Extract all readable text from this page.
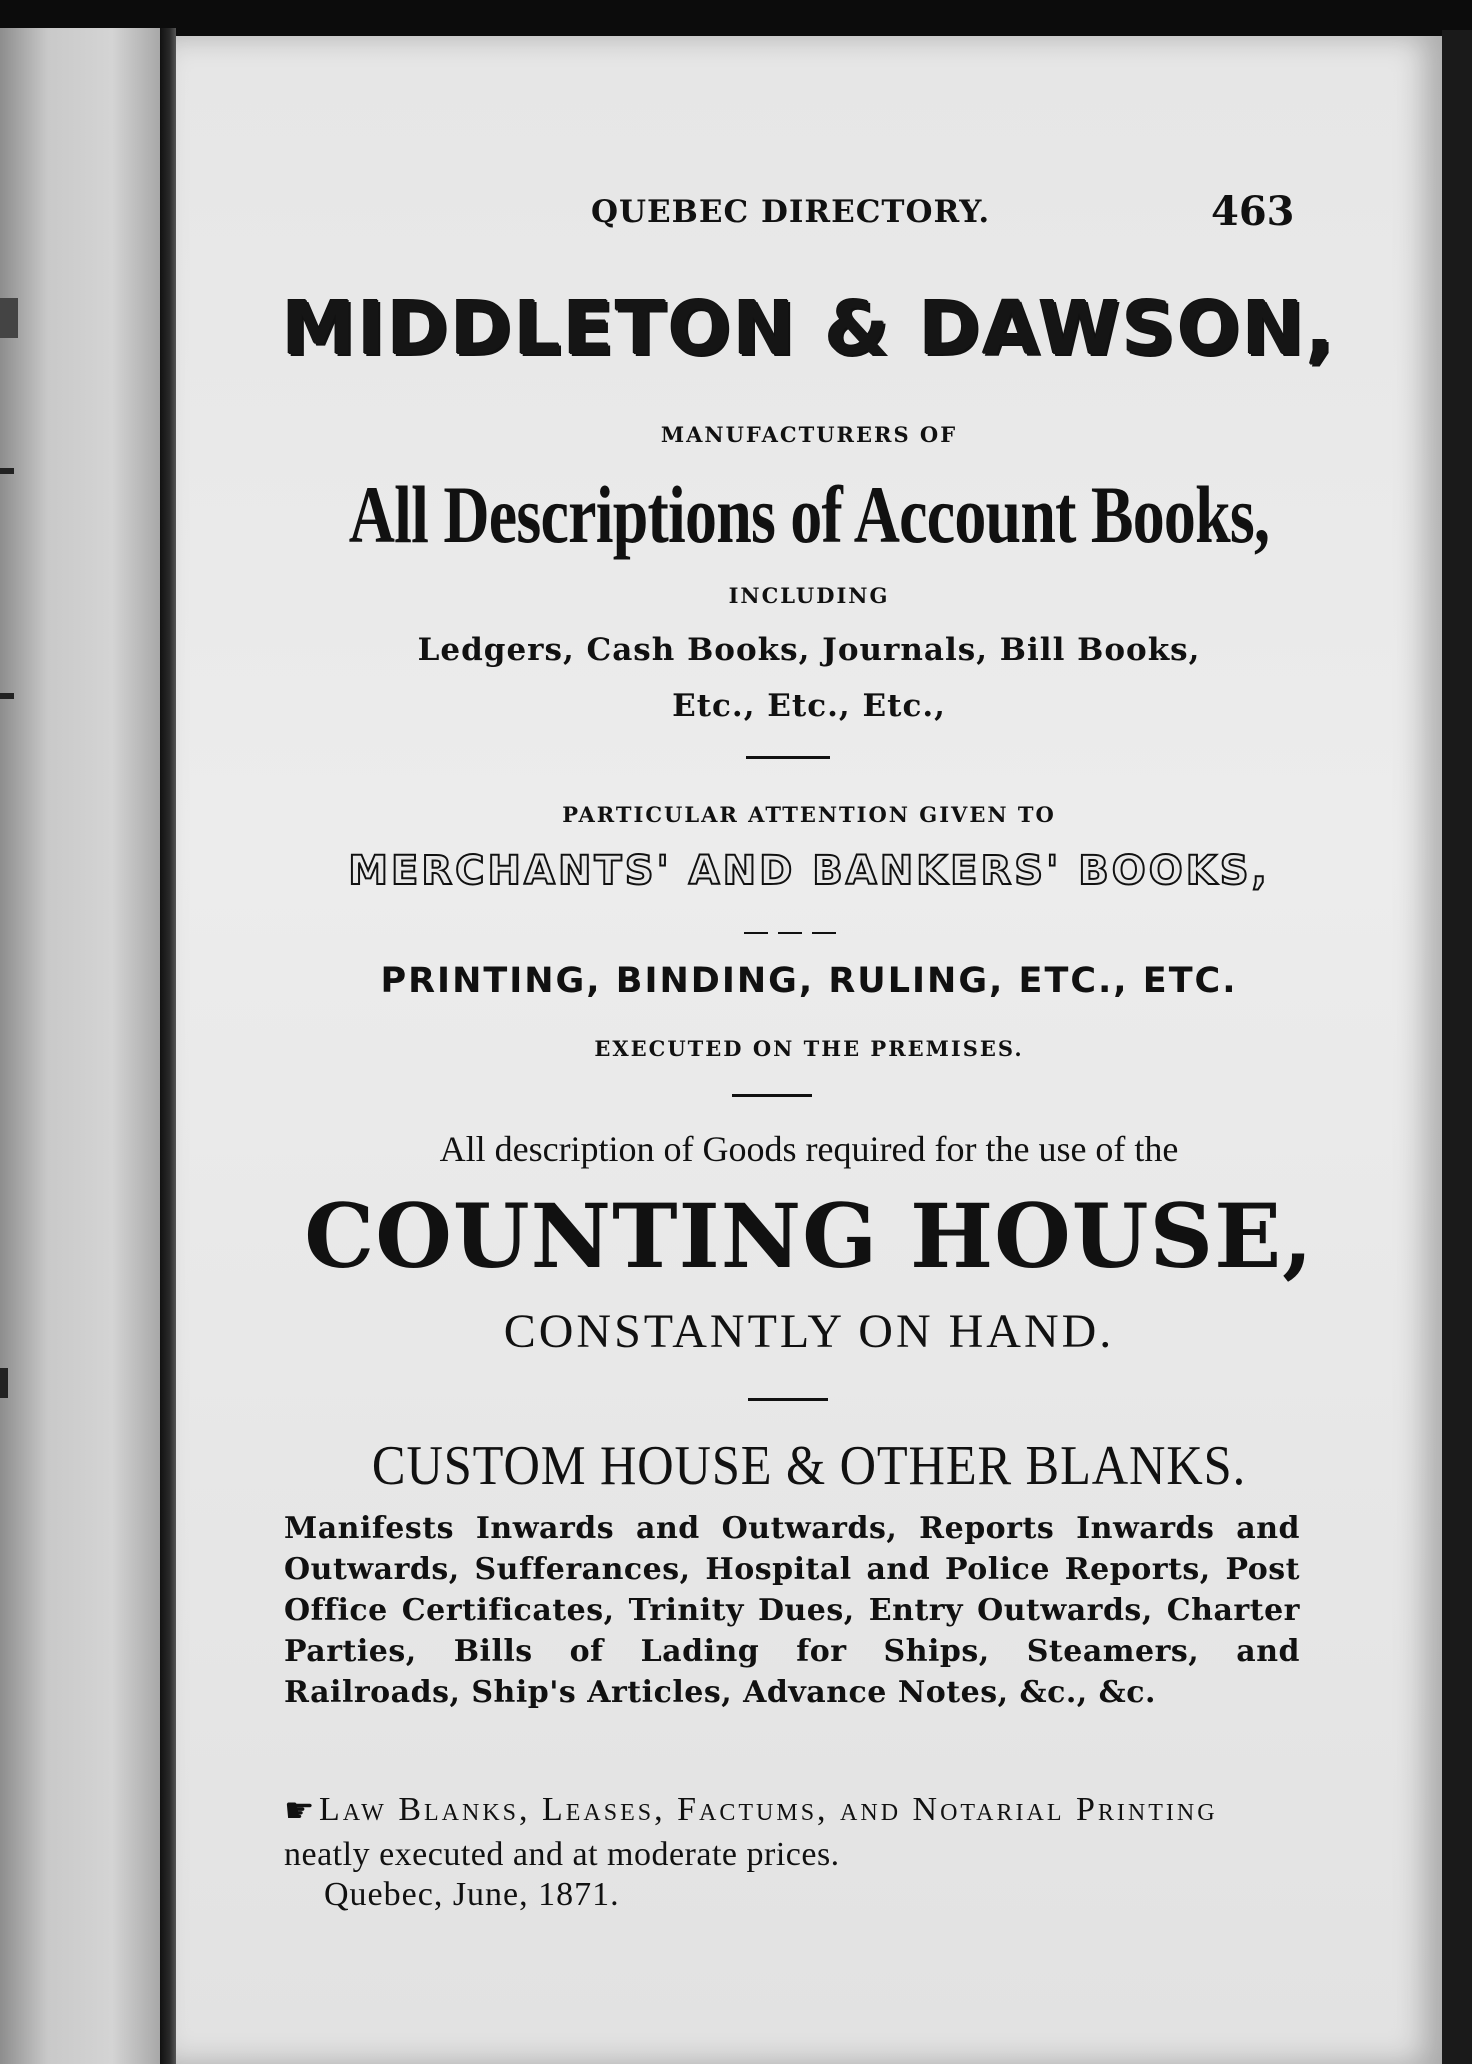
QUEBEC DIRECTORY.	463
MIDDLETON & DAWSON,
MANUFACTURERS OF
All Descriptions of Account Books,
INCLUDING
Ledgers, Cash Books, Journals, Bill Books,
Etc., Etc., Etc.,
PARTICULAR ATTENTION GIVEN TO
MERCHANTS' AND BANKERS' BOOKS,
PRINTING, BINDING, RULING, ETC., ETC.
EXECUTED ON THE PREMISES.
All description of Goods required for the use of the
COUNTING HOUSE,
CONSTANTLY ON HAND.
CUSTOM HOUSE & OTHER BLANKS.
Manifests Inwards and Outwards, Reports Inwards and Outwards, Sufferances, Hospital and Police Reports, Post Office Certificates, Trinity Dues, Entry Outwards, Charter Parties, Bills of Lading for Ships, Steamers, and Railroads, Ship's Articles, Advance Notes, &c., &c.
☛ Law Blanks, Leases, Factums, and Notarial Printing neatly executed and at moderate prices.
Quebec, June, 1871.
